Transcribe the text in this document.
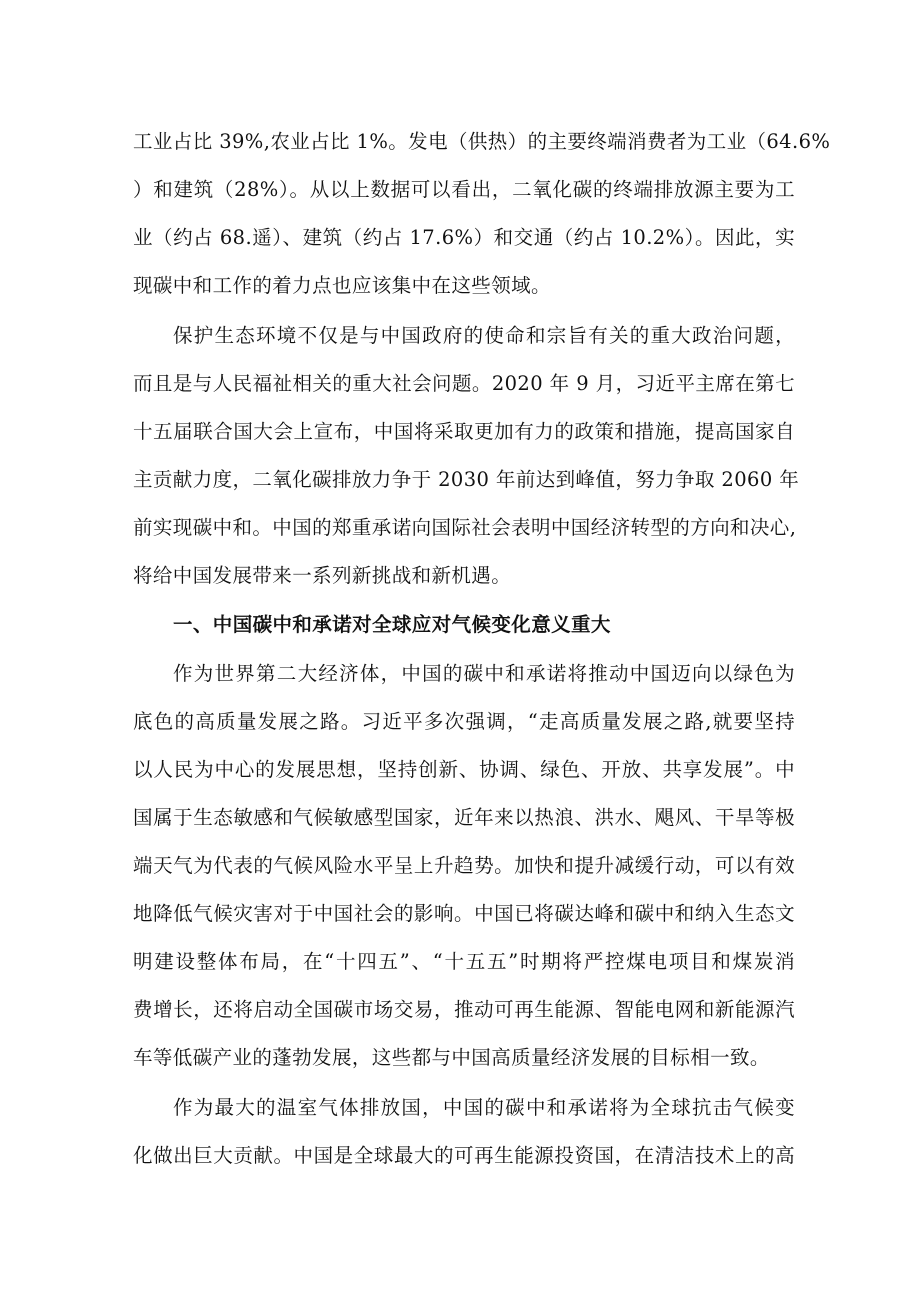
工业占比 39%,农业占比 1%。发电（供热）的主要终端消费者为工业（64.6%
）和建筑（28%）。从以上数据可以看出，二氧化碳的终端排放源主要为工
业（约占 68.遥）、建筑（约占 17.6%）和交通（约占 10.2%）。因此，实
现碳中和工作的着力点也应该集中在这些领域。
保护生态环境不仅是与中国政府的使命和宗旨有关的重大政治问题，
而且是与人民福祉相关的重大社会问题。2020 年 9 月，习近平主席在第七
十五届联合国大会上宣布，中国将采取更加有力的政策和措施，提高国家自
主贡献力度，二氧化碳排放力争于 2030 年前达到峰值，努力争取 2060 年
前实现碳中和。中国的郑重承诺向国际社会表明中国经济转型的方向和决心,
将给中国发展带来一系列新挑战和新机遇。
一、中国碳中和承诺对全球应对气候变化意义重大
作为世界第二大经济体，中国的碳中和承诺将推动中国迈向以绿色为
底色的高质量发展之路。习近平多次强调，“走高质量发展之路,就要坚持
以人民为中心的发展思想，坚持创新、协调、绿色、开放、共享发展”。中
国属于生态敏感和气候敏感型国家，近年来以热浪、洪水、飓风、干旱等极
端天气为代表的气候风险水平呈上升趋势。加快和提升减缓行动，可以有效
地降低气候灾害对于中国社会的影响。中国已将碳达峰和碳中和纳入生态文
明建设整体布局，在“十四五”、“十五五”时期将严控煤电项目和煤炭消
费增长，还将启动全国碳市场交易，推动可再生能源、智能电网和新能源汽
车等低碳产业的蓬勃发展，这些都与中国高质量经济发展的目标相一致。
作为最大的温室气体排放国，中国的碳中和承诺将为全球抗击气候变
化做出巨大贡献。中国是全球最大的可再生能源投资国，在清洁技术上的高
